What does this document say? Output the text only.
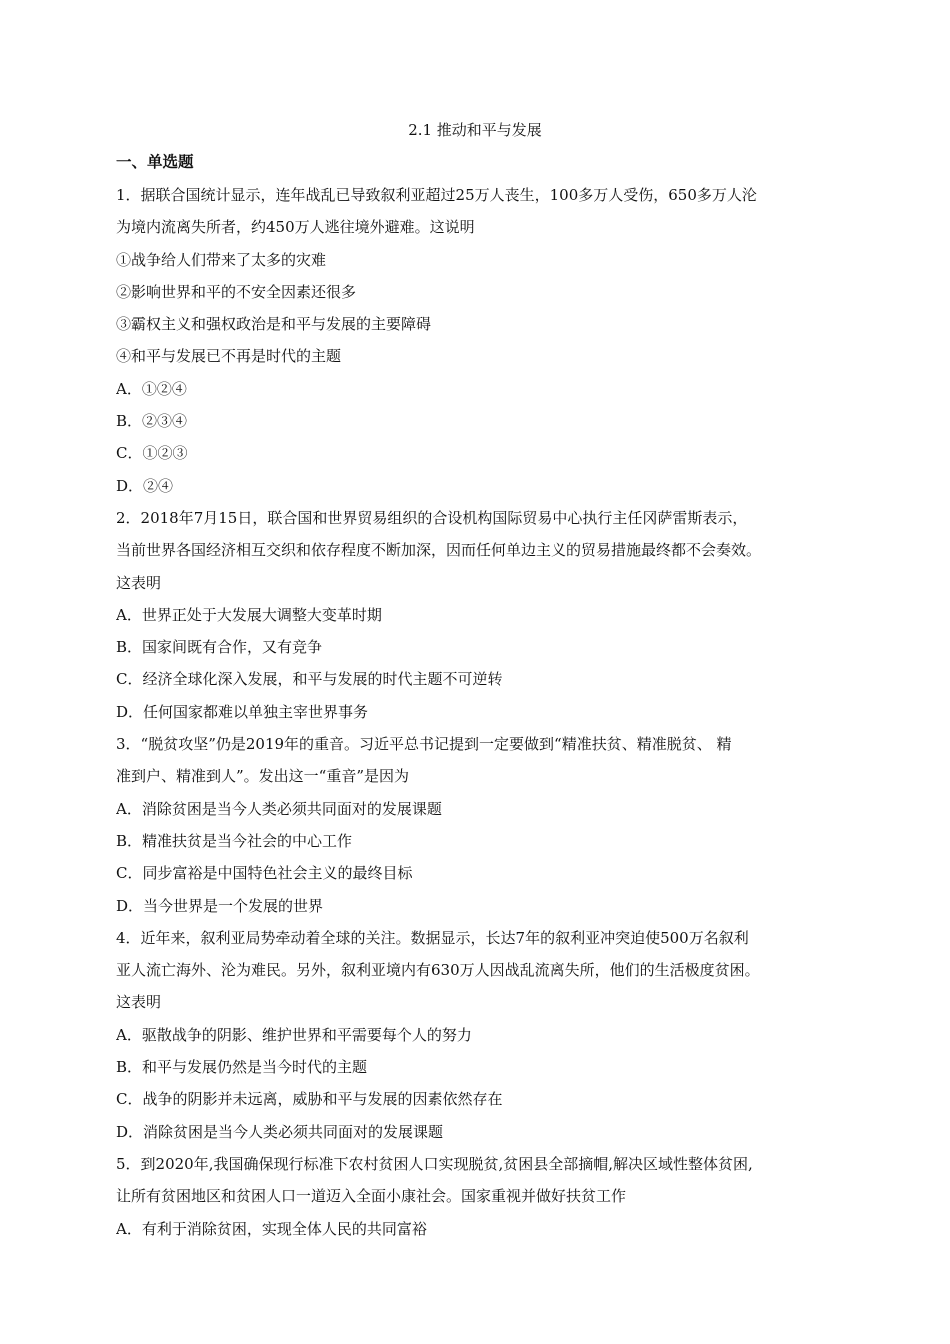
2.1 推动和平与发展
一、单选题
1．据联合国统计显示，连年战乱已导致叙利亚超过25万人丧生，100多万人受伤，650多万人沦
为境内流离失所者，约450万人逃往境外避难。这说明
①战争给人们带来了太多的灾难
②影响世界和平的不安全因素还很多
③霸权主义和强权政治是和平与发展的主要障碍
④和平与发展已不再是时代的主题
A．①②④
B．②③④
C．①②③
D．②④
2．2018年7月15日，联合国和世界贸易组织的合设机构国际贸易中心执行主任冈萨雷斯表示，
当前世界各国经济相互交织和依存程度不断加深，因而任何单边主义的贸易措施最终都不会奏效。
这表明
A．世界正处于大发展大调整大变革时期
B．国家间既有合作，又有竞争
C．经济全球化深入发展，和平与发展的时代主题不可逆转
D．任何国家都难以单独主宰世界事务
3．“脱贫攻坚”仍是2019年的重音。习近平总书记提到一定要做到“精准扶贫、精准脱贫、 精
准到户、精准到人”。发出这一“重音”是因为
A．消除贫困是当今人类必须共同面对的发展课题
B．精准扶贫是当今社会的中心工作
C．同步富裕是中国特色社会主义的最终目标
D．当今世界是一个发展的世界
4．近年来，叙利亚局势牵动着全球的关注。数据显示，长达7年的叙利亚冲突迫使500万名叙利
亚人流亡海外、沦为难民。另外，叙利亚境内有630万人因战乱流离失所，他们的生活极度贫困。
这表明
A．驱散战争的阴影、维护世界和平需要每个人的努力
B．和平与发展仍然是当今时代的主题
C．战争的阴影并未远离，威胁和平与发展的因素依然存在
D．消除贫困是当今人类必须共同面对的发展课题
5．到2020年,我国确保现行标准下农村贫困人口实现脱贫,贫困县全部摘帽,解决区域性整体贫困,
让所有贫困地区和贫困人口一道迈入全面小康社会。国家重视并做好扶贫工作
A．有利于消除贫困，实现全体人民的共同富裕
